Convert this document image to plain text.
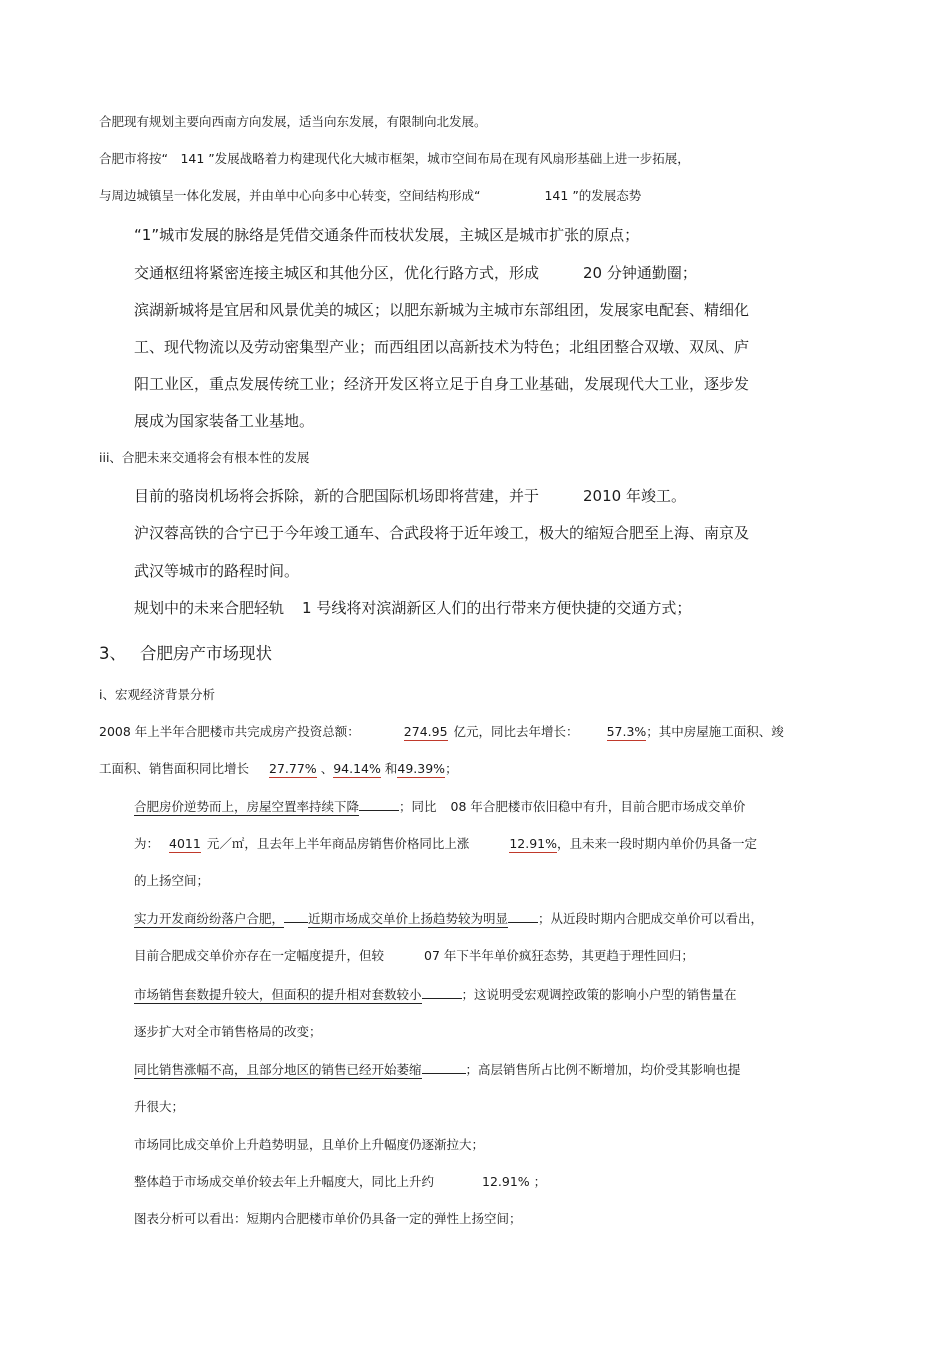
合肥现有规划主要向西南方向发展，适当向东发展，有限制向北发展。
合肥市将按“　141 ”发展战略着力构建现代化大城市框架，城市空间布局在现有风扇形基础上进一步拓展，
与周边城镇呈一体化发展，并由单中心向多中心转变，空间结构形成“	141 ”的发展态势
“1”城市发展的脉络是凭借交通条件而枝状发展，主城区是城市扩张的原点；
交通枢纽将紧密连接主城区和其他分区，优化行路方式，形成	20 分钟通勤圈；
滨湖新城将是宜居和风景优美的城区；以肥东新城为主城市东部组团，发展家电配套、精细化
工、现代物流以及劳动密集型产业；而西组团以高新技术为特色；北组团整合双墩、双凤、庐
阳工业区，重点发展传统工业；经济开发区将立足于自身工业基础，发展现代大工业，逐步发
展成为国家装备工业基地。
iii、合肥未来交通将会有根本性的发展
目前的骆岗机场将会拆除，新的合肥国际机场即将营建，并于	2010 年竣工。
沪汉蓉高铁的合宁已于今年竣工通车、合武段将于近年竣工，极大的缩短合肥至上海、南京及
武汉等城市的路程时间。
规划中的未来合肥轻轨 1 号线将对滨湖新区人们的出行带来方便快捷的交通方式；
3、 合肥房产市场现状
ⅰ、宏观经济背景分析
2008 年上半年合肥楼市共完成房产投资总额：	274.95 亿元，同比去年增长： 57.3%；其中房屋施工面积、竣
工面积、销售面积同比增长 27.77% 、94.14% 和49.39%；
合肥房价逆势而上，房屋空置率持续下降	；同比 08 年合肥楼市依旧稳中有升，目前合肥市场成交单价
为： 4011 元／㎡，且去年上半年商品房销售价格同比上涨	12.91%，且未来一段时期内单价仍具备一定
的上扬空间；
实力开发商纷纷落户合肥， 近期市场成交单价上扬趋势较为明显 ；从近段时期内合肥成交单价可以看出，
目前合肥成交单价亦存在一定幅度提升，但较	07 年下半年单价疯狂态势，其更趋于理性回归；
市场销售套数提升较大，但面积的提升相对套数较小	；这说明受宏观调控政策的影响小户型的销售量在
逐步扩大对全市销售格局的改变；
同比销售涨幅不高，且部分地区的销售已经开始萎缩	；高层销售所占比例不断增加，均价受其影响也提
升很大；
市场同比成交单价上升趋势明显，且单价上升幅度仍逐渐拉大；
整体趋于市场成交单价较去年上升幅度大，同比上升约	12.91% ；
图表分析可以看出：短期内合肥楼市单价仍具备一定的弹性上扬空间；
